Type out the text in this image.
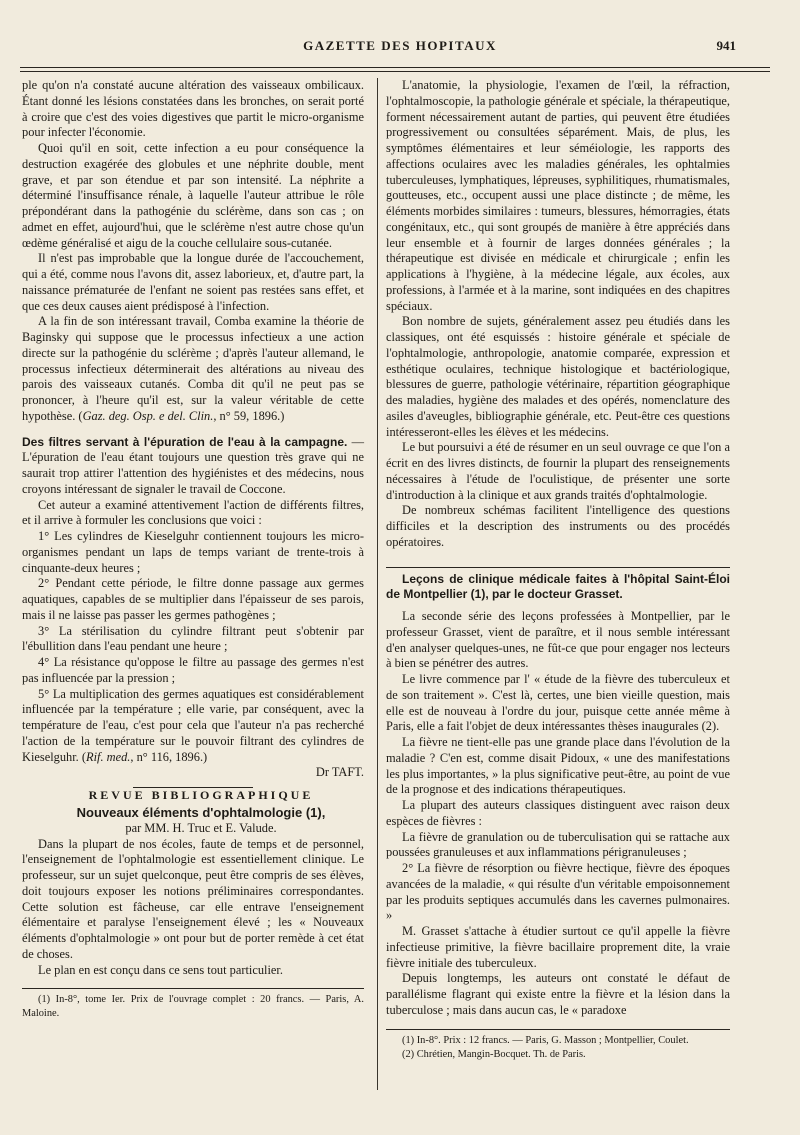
GAZETTE DES HOPITAUX	941

ple qu'on n'a constaté aucune altération des vaisseaux ombilicaux. Étant donné les lésions constatées dans les bronches, on serait porté à croire que c'est des voies digestives que partit le micro-organisme pour infecter l'économie.

Quoi qu'il en soit, cette infection a eu pour conséquence la destruction exagérée des globules et une néphrite double, ment grave, et par son étendue et par son intensité. La néphrite a déterminé l'insuffisance rénale, à laquelle l'auteur attribue le rôle prépondérant dans la pathogénie du sclérème, dans son cas ; on admet en effet, aujourd'hui, que le sclérème n'est autre chose qu'un œdème généralisé et aigu de la couche cellulaire sous-cutanée.

Il n'est pas improbable que la longue durée de l'accouchement, qui a été, comme nous l'avons dit, assez laborieux, et, d'autre part, la naissance prématurée de l'enfant ne soient pas restées sans effet, et que ces deux causes aient prédisposé à l'infection.

A la fin de son intéressant travail, Comba examine la théorie de Baginsky qui suppose que le processus infectieux a une action directe sur la pathogénie du sclérème ; d'après l'auteur allemand, le processus infectieux déterminerait des altérations au niveau des parois des vaisseaux cutanés. Comba dit qu'il ne peut pas se prononcer, à l'heure qu'il est, sur la valeur véritable de cette hypothèse. (Gaz. deg. Osp. e del. Clin., n° 59, 1896.)

Des filtres servant à l'épuration de l'eau à la campagne. — L'épuration de l'eau étant toujours une question très grave qui ne saurait trop attirer l'attention des hygiénistes et des médecins, nous croyons intéressant de signaler le travail de Coccone.

Cet auteur a examiné attentivement l'action de différents filtres, et il arrive à formuler les conclusions que voici :

1° Les cylindres de Kieselguhr contiennent toujours les micro-organismes pendant un laps de temps variant de trente-trois à cinquante-deux heures ;

2° Pendant cette période, le filtre donne passage aux germes aquatiques, capables de se multiplier dans l'épaisseur de ses parois, mais il ne laisse pas passer les germes pathogènes ;

3° La stérilisation du cylindre filtrant peut s'obtenir par l'ébullition dans l'eau pendant une heure ;

4° La résistance qu'oppose le filtre au passage des germes n'est pas influencée par la pression ;

5° La multiplication des germes aquatiques est considérablement influencée par la température ; elle varie, par conséquent, avec la température de l'eau, c'est pour cela que l'auteur n'a pas recherché l'action de la température sur le pouvoir filtrant des cylindres de Kieselguhr. (Rif. med., n° 116, 1896.)

Dr TAFT.

REVUE BIBLIOGRAPHIQUE

Nouveaux éléments d'ophtalmologie (1),

par MM. H. Truc et E. Valude.

Dans la plupart de nos écoles, faute de temps et de personnel, l'enseignement de l'ophtalmologie est essentiellement clinique. Le professeur, sur un sujet quelconque, peut être compris de ses élèves, doit toujours exposer les notions préliminaires correspondantes. Cette solution est fâcheuse, car elle entrave l'enseignement élémentaire et paralyse l'enseignement élevé ; les « Nouveaux éléments d'ophtalmologie » ont pour but de porter remède à cet état de choses.

Le plan en est conçu dans ce sens tout particulier.

(1) In-8°, tome Ier. Prix de l'ouvrage complet : 20 francs. — Paris, A. Maloine.

L'anatomie, la physiologie, l'examen de l'œil, la réfraction, l'ophtalmoscopie, la pathologie générale et spéciale, la thérapeutique, forment nécessairement autant de parties, qui peuvent être étudiées progressivement ou consultées séparément. Mais, de plus, les symptômes élémentaires et leur séméiologie, les rapports des affections oculaires avec les maladies générales, les ophtalmies tuberculeuses, lymphatiques, lépreuses, syphilitiques, rhumatismales, goutteuses, etc., occupent aussi une place distincte ; de même, les éléments morbides similaires : tumeurs, blessures, hémorragies, états congénitaux, etc., qui sont groupés de manière à être appréciés dans leur ensemble et à fournir de larges données générales ; la thérapeutique est divisée en médicale et chirurgicale ; enfin les applications à l'hygiène, à la médecine légale, aux écoles, aux professions, à l'armée et à la marine, sont indiquées en des chapitres spéciaux.

Bon nombre de sujets, généralement assez peu étudiés dans les classiques, ont été esquissés : histoire générale et spéciale de l'ophtalmologie, anthropologie, anatomie comparée, expression et esthétique oculaires, technique histologique et bactériologique, blessures de guerre, pathologie vétérinaire, répartition géographique des maladies, hygiène des malades et des opérés, nomenclature des asiles d'aveugles, bibliographie générale, etc. Peut-être ces questions intéresseront-elles les élèves et les médecins.

Le but poursuivi a été de résumer en un seul ouvrage ce que l'on a écrit en des livres distincts, de fournir la plupart des renseignements nécessaires à l'étude de l'oculistique, de présenter une sorte d'introduction à la clinique et aux grands traités d'ophtalmologie.

De nombreux schémas facilitent l'intelligence des questions difficiles et la description des instruments ou des procédés opératoires.

Leçons de clinique médicale faites à l'hôpital Saint-Éloi de Montpellier (1), par le docteur Grasset.

La seconde série des leçons professées à Montpellier, par le professeur Grasset, vient de paraître, et il nous semble intéressant d'en analyser quelques-unes, ne fût-ce que pour engager nos lecteurs à bien se pénétrer des autres.

Le livre commence par l' « étude de la fièvre des tuberculeux et de son traitement ». C'est là, certes, une bien vieille question, mais elle est de nouveau à l'ordre du jour, puisque cette année même à Paris, elle a fait l'objet de deux intéressantes thèses inaugurales (2).

La fièvre ne tient-elle pas une grande place dans l'évolution de la maladie ? C'en est, comme disait Pidoux, « une des manifestations les plus importantes, » la plus significative peut-être, au point de vue de la prognose et des indications thérapeutiques.

La plupart des auteurs classiques distinguent avec raison deux espèces de fièvres :

La fièvre de granulation ou de tuberculisation qui se rattache aux poussées granuleuses et aux inflammations périgranuleuses ;

2° La fièvre de résorption ou fièvre hectique, fièvre des époques avancées de la maladie, « qui résulte d'un véritable empoisonnement par les produits septiques accumulés dans les cavernes pulmonaires. »

M. Grasset s'attache à étudier surtout ce qu'il appelle la fièvre infectieuse primitive, la fièvre bacillaire proprement dite, la vraie fièvre initiale des tuberculeux.

Depuis longtemps, les auteurs ont constaté le défaut de parallélisme flagrant qui existe entre la fièvre et la lésion dans la tuberculose ; mais dans aucun cas, le « paradoxe

(1) In-8°. Prix : 12 francs. — Paris, G. Masson ; Montpellier, Coulet.

(2) Chrétien, Mangin-Bocquet. Th. de Paris.
